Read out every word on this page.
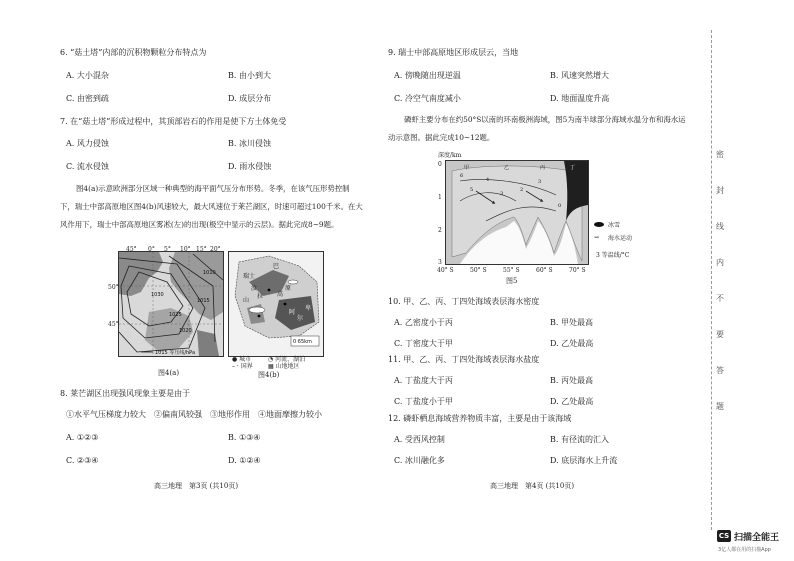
6. “菇土塔”内部的沉积物颗粒分布特点为
A. 大小混杂	B. 由小到大
C. 由密到疏	D. 成层分布
7. 在“菇土塔”形成过程中，其顶部岩石的作用是使下方土体免受
A. 风力侵蚀	B. 冰川侵蚀
C. 流水侵蚀	D. 雨水侵蚀
图4(a)示意欧洲部分区域一种典型的海平面气压分布形势。冬季，在该气压形势控制
下，瑞士中部高原地区图4(b)风速较大，最大风速位于莱芒湖区，时速可超过100千米。在大
风作用下，瑞士中部高原地区雾凇(左)的出现(极空中显示的云层)。据此完成8~9题。
1030
1025
1020
1015
1010
1015 等压线/hPa
45° 0° 5° 10° 15° 20°
50°
45°
图4(a)
瑞士
巴
汝
拉
山
高
原
阿
尔
卑
0 65km
● 城市
– · 国界
◔ 河流、湖泊
▦ 山地地区
图4(b)
8. 莱芒湖区出现强风现象主要是由于
①水平气压梯度力较大　②偏南风较强　③地形作用　④地面摩擦力较小
A. ①②③	B. ①③④
C. ②③④	D. ①②④
高三地理　第3页 (共10页)
9. 瑞士中部高原地区形成层云，当地
A. 傍晚随出现逆温	B. 风速突然增大
C. 冷空气南度减小	D. 地面温度升高
磷虾主要分布在约50°S以南的环南极洲海域，图5为南半球部分海域水温分布和海水运
动示意图。据此完成10~12题。
深度/km
3
2
3
4
5
6
0
甲	乙	丙	丁
0
1
2
3
40° S	50° S	55° S	60° S	70° S
冰雪
⇝ 海水运动
3 等温线/°C
图5
10. 甲、乙、丙、丁四处海域表层海水密度
A. 乙密度小于丙	B. 甲处最高
C. 丁密度大于甲	D. 乙处最高
11. 甲、乙、丙、丁四处海域表层海水盐度
A. 丁盐度大于丙	B. 丙处最高
C. 丁盐度小于甲	D. 乙处最高
12. 磷虾栖息海域营养物质丰富，主要是由于该海域
A. 受西风控制	B. 有径流的汇入
C. 冰川融化多	D. 底层海水上升流
高三地理　第4页 (共10页)
密
封
线
内
不
要
答
题
CS 扫描全能王
3亿人都在用的扫描App
